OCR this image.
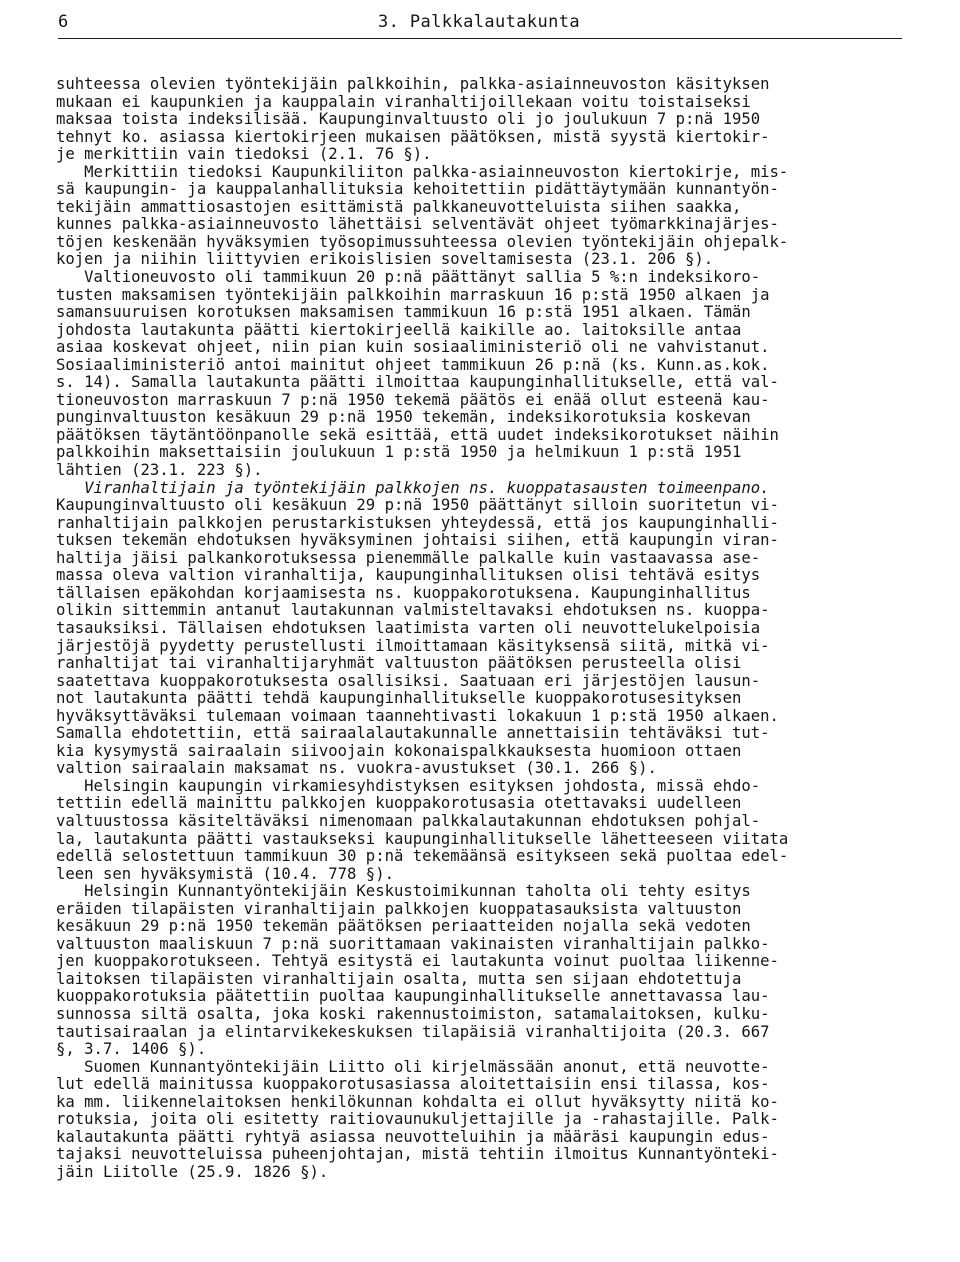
6	3. Palkkalautakunta
suhteessa olevien työntekijäin palkkoihin, palkka-asiainneuvoston käsityksen
mukaan ei kaupunkien ja kauppalain viranhaltijoillekaan voitu toistaiseksi
maksaa toista indeksilisää. Kaupunginvaltuusto oli jo joulukuun 7 p:nä 1950
tehnyt ko. asiassa kiertokirjeen mukaisen päätöksen, mistä syystä kiertokir-
je merkittiin vain tiedoksi (2.1. 76 §).
Merkittiin tiedoksi Kaupunkiliiton palkka-asiainneuvoston kiertokirje, mis-
sä kaupungin- ja kauppalanhallituksia kehoitettiin pidättäytymään kunnantyön-
tekijäin ammattiosastojen esittämistä palkkaneuvotteluista siihen saakka,
kunnes palkka-asiainneuvosto lähettäisi selventävät ohjeet työmarkkinajärjes-
töjen keskenään hyväksymien työsopimussuhteessa olevien työntekijäin ohjepalk-
kojen ja niihin liittyvien erikoislisien soveltamisesta (23.1. 206 §).
Valtioneuvosto oli tammikuun 20 p:nä päättänyt sallia 5 %:n indeksikoro-
tusten maksamisen työntekijäin palkkoihin marraskuun 16 p:stä 1950 alkaen ja
samansuuruisen korotuksen maksamisen tammikuun 16 p:stä 1951 alkaen. Tämän
johdosta lautakunta päätti kiertokirjeellä kaikille ao. laitoksille antaa
asiaa koskevat ohjeet, niin pian kuin sosiaaliministeriö oli ne vahvistanut.
Sosiaaliministeriö antoi mainitut ohjeet tammikuun 26 p:nä (ks. Kunn.as.kok.
s. 14). Samalla lautakunta päätti ilmoittaa kaupunginhallitukselle, että val-
tioneuvoston marraskuun 7 p:nä 1950 tekemä päätös ei enää ollut esteenä kau-
punginvaltuuston kesäkuun 29 p:nä 1950 tekemän, indeksikorotuksia koskevan
päätöksen täytäntöönpanolle sekä esittää, että uudet indeksikorotukset näihin
palkkoihin maksettaisiin joulukuun 1 p:stä 1950 ja helmikuun 1 p:stä 1951
lähtien (23.1. 223 §).
Viranhaltijain ja työntekijäin palkkojen ns. kuoppatasausten toimeenpano.
Kaupunginvaltuusto oli kesäkuun 29 p:nä 1950 päättänyt silloin suoritetun vi-
ranhaltijain palkkojen perustarkistuksen yhteydessä, että jos kaupunginhalli-
tuksen tekemän ehdotuksen hyväksyminen johtaisi siihen, että kaupungin viran-
haltija jäisi palkankorotuksessa pienemmälle palkalle kuin vastaavassa ase-
massa oleva valtion viranhaltija, kaupunginhallituksen olisi tehtävä esitys
tällaisen epäkohdan korjaamisesta ns. kuoppakorotuksena. Kaupunginhallitus
olikin sittemmin antanut lautakunnan valmisteltavaksi ehdotuksen ns. kuoppa-
tasauksiksi. Tällaisen ehdotuksen laatimista varten oli neuvottelukelpoisia
järjestöjä pyydetty perustellusti ilmoittamaan käsityksensä siitä, mitkä vi-
ranhaltijat tai viranhaltijaryhmät valtuuston päätöksen perusteella olisi
saatettava kuoppakorotuksesta osallisiksi. Saatuaan eri järjestöjen lausun-
not lautakunta päätti tehdä kaupunginhallitukselle kuoppakorotusesityksen
hyväksyttäväksi tulemaan voimaan taannehtivasti lokakuun 1 p:stä 1950 alkaen.
Samalla ehdotettiin, että sairaalalautakunnalle annettaisiin tehtäväksi tut-
kia kysymystä sairaalain siivoojain kokonaispalkkauksesta huomioon ottaen
valtion sairaalain maksamat ns. vuokra-avustukset (30.1. 266 §).
Helsingin kaupungin virkamiesyhdistyksen esityksen johdosta, missä ehdo-
tettiin edellä mainittu palkkojen kuoppakorotusasia otettavaksi uudelleen
valtuustossa käsiteltäväksi nimenomaan palkkalautakunnan ehdotuksen pohjal-
la, lautakunta päätti vastaukseksi kaupunginhallitukselle lähetteeseen viitata
edellä selostettuun tammikuun 30 p:nä tekemäänsä esitykseen sekä puoltaa edel-
leen sen hyväksymistä (10.4. 778 §).
Helsingin Kunnantyöntekijäin Keskustoimikunnan taholta oli tehty esitys
eräiden tilapäisten viranhaltijain palkkojen kuoppatasauksista valtuuston
kesäkuun 29 p:nä 1950 tekemän päätöksen periaatteiden nojalla sekä vedoten
valtuuston maaliskuun 7 p:nä suorittamaan vakinaisten viranhaltijain palkko-
jen kuoppakorotukseen. Tehtyä esitystä ei lautakunta voinut puoltaa liikenne-
laitoksen tilapäisten viranhaltijain osalta, mutta sen sijaan ehdotettuja
kuoppakorotuksia päätettiin puoltaa kaupunginhallitukselle annettavassa lau-
sunnossa siltä osalta, joka koski rakennustoimiston, satamalaitoksen, kulku-
tautisairaalan ja elintarvikekeskuksen tilapäisiä viranhaltijoita (20.3. 667
§, 3.7. 1406 §).
Suomen Kunnantyöntekijäin Liitto oli kirjelmässään anonut, että neuvotte-
lut edellä mainitussa kuoppakorotusasiassa aloitettaisiin ensi tilassa, kos-
ka mm. liikennelaitoksen henkilökunnan kohdalta ei ollut hyväksytty niitä ko-
rotuksia, joita oli esitetty raitiovaunukuljettajille ja -rahastajille. Palk-
kalautakunta päätti ryhtyä asiassa neuvotteluihin ja määräsi kaupungin edus-
tajaksi neuvotteluissa puheenjohtajan, mistä tehtiin ilmoitus Kunnantyönteki-
jäin Liitolle (25.9. 1826 §).
